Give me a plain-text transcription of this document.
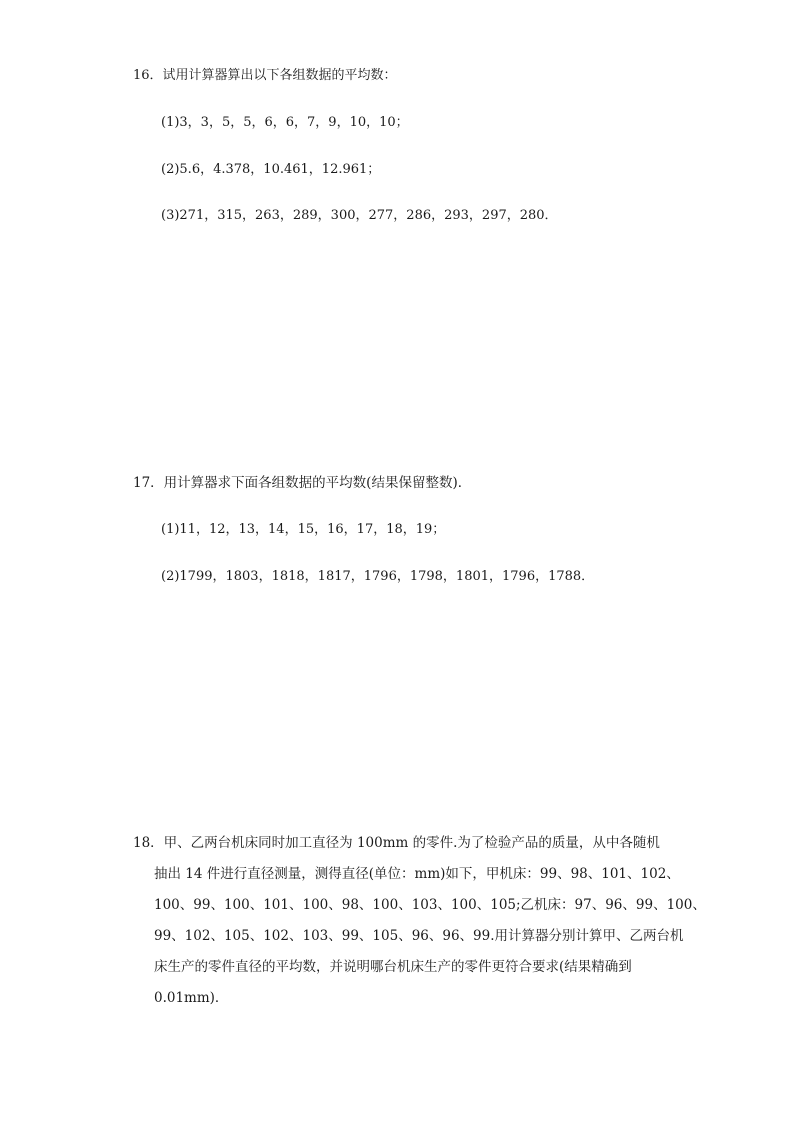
16．试用计算器算出以下各组数据的平均数：
(1)3，3，5，5，6，6，7，9，10，10；
(2)5.6，4.378，10.461，12.961；
(3)271，315，263，289，300，277，286，293，297，280．
17．用计算器求下面各组数据的平均数(结果保留整数)．
(1)11，12，13，14，15，16，17，18，19；
(2)1799，1803，1818，1817，1796，1798，1801，1796，1788．
18．甲、乙两台机床同时加工直径为 100mm 的零件.为了检验产品的质量，从中各随机
抽出 14 件进行直径测量，测得直径(单位：mm)如下，甲机床：99、98、101、102、
100、99、100、101、100、98、100、103、100、105;乙机床：97、96、99、100、
99、102、105、102、103、99、105、96、96、99.用计算器分别计算甲、乙两台机
床生产的零件直径的平均数，并说明哪台机床生产的零件更符合要求(结果精确到
0.01mm)．
